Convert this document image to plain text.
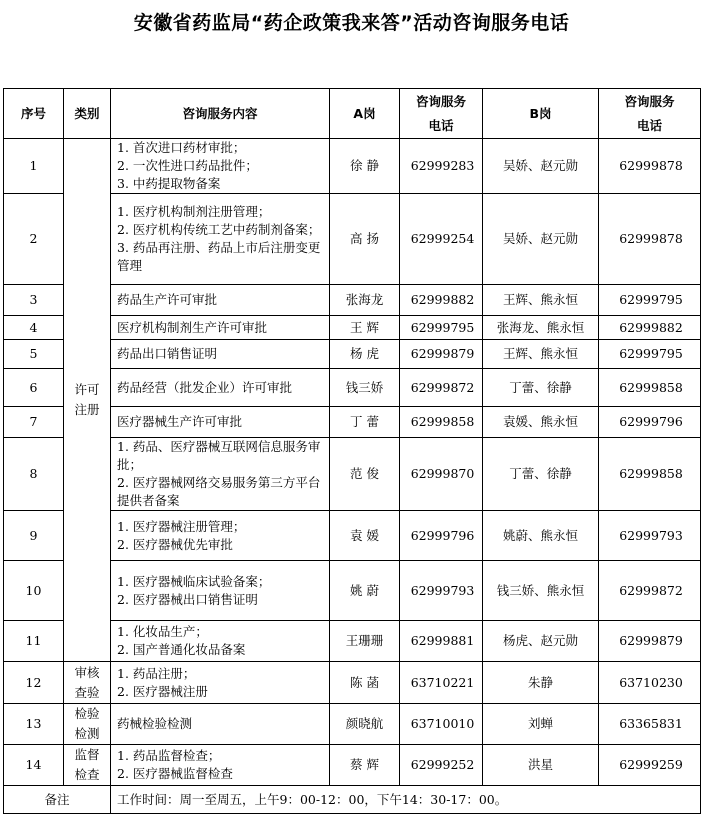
安徽省药监局“药企政策我来答”活动咨询服务电话
序号	类别	咨询服务内容	A岗	咨询服务电话	B岗	咨询服务电话
1	许可注册	1. 首次进口药材审批；
2. 一次性进口药品批件；
3. 中药提取物备案	徐 静	62999283	吴娇、赵元勋	62999878
2		1. 医疗机构制剂注册管理；
2. 医疗机构传统工艺中药制剂备案；
3. 药品再注册、药品上市后注册变更管理	高 扬	62999254	吴娇、赵元勋	62999878
3		药品生产许可审批	张海龙	62999882	王辉、熊永恒	62999795
4		医疗机构制剂生产许可审批	王 辉	62999795	张海龙、熊永恒	62999882
5		药品出口销售证明	杨 虎	62999879	王辉、熊永恒	62999795
6		药品经营（批发企业）许可审批	钱三娇	62999872	丁蕾、徐静	62999858
7		医疗器械生产许可审批	丁 蕾	62999858	袁媛、熊永恒	62999796
8		1. 药品、医疗器械互联网信息服务审批；
2. 医疗器械网络交易服务第三方平台提供者备案	范 俊	62999870	丁蕾、徐静	62999858
9		1. 医疗器械注册管理；
2. 医疗器械优先审批	袁 媛	62999796	姚蔚、熊永恒	62999793
10		1. 医疗器械临床试验备案；
2. 医疗器械出口销售证明	姚 蔚	62999793	钱三娇、熊永恒	62999872
11		1. 化妆品生产；
2. 国产普通化妆品备案	王珊珊	62999881	杨虎、赵元勋	62999879
12	审核查验	1. 药品注册；
2. 医疗器械注册	陈 菡	63710221	朱静	63710230
13	检验检测	药械检验检测	颜晓航	63710010	刘蝉	63365831
14	监督检查	1. 药品监督检查；
2. 医疗器械监督检查	蔡 辉	62999252	洪星	62999259
备注		工作时间：周一至周五，上午9：00-12：00，下午14：30-17：00。				
